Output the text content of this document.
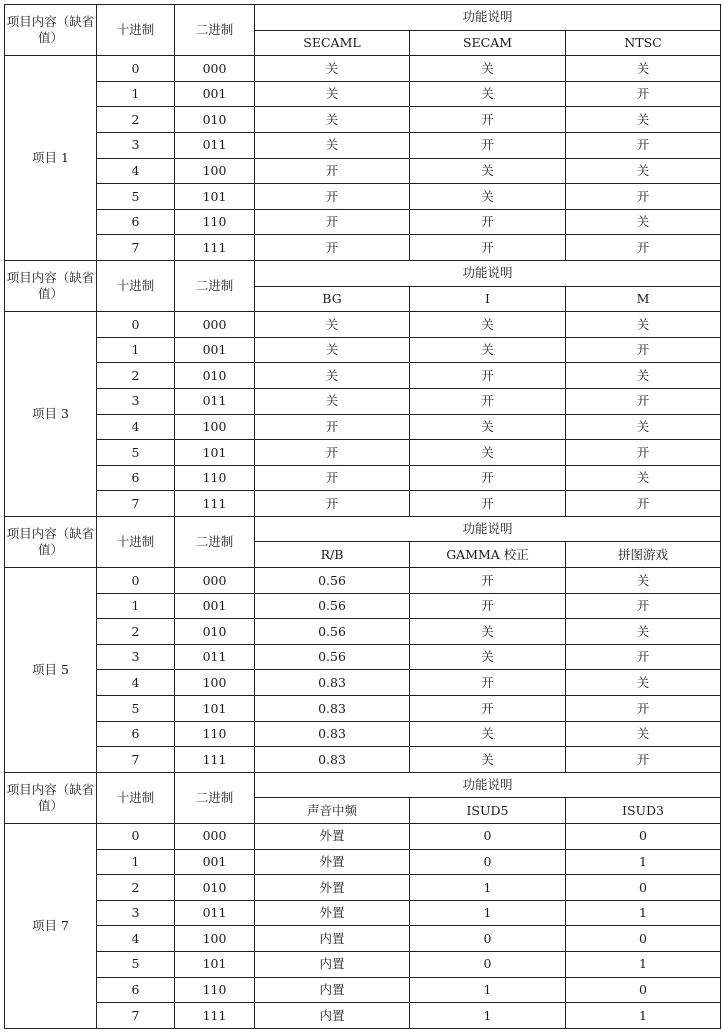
项目内容（缺省值）	十进制	二进制	功能说明		
			SECAML	SECAM	NTSC
项目 1	0	000	关	关	关
	1	001	关	关	开
	2	010	关	开	关
	3	011	关	开	开
	4	100	开	关	关
	5	101	开	关	开
	6	110	开	开	关
	7	111	开	开	开
项目内容（缺省值）	十进制	二进制	功能说明		
			BG	I	M
项目 3	0	000	关	关	关
	1	001	关	关	开
	2	010	关	开	关
	3	011	关	开	开
	4	100	开	关	关
	5	101	开	关	开
	6	110	开	开	关
	7	111	开	开	开
项目内容（缺省值）	十进制	二进制	功能说明		
			R/B	GAMMA 校正	拼图游戏
项目 5	0	000	0.56	开	关
	1	001	0.56	开	开
	2	010	0.56	关	关
	3	011	0.56	关	开
	4	100	0.83	开	关
	5	101	0.83	开	开
	6	110	0.83	关	关
	7	111	0.83	关	开
项目内容（缺省值）	十进制	二进制	功能说明		
			声音中频	ISUD5	ISUD3
项目 7	0	000	外置	0	0
	1	001	外置	0	1
	2	010	外置	1	0
	3	011	外置	1	1
	4	100	内置	0	0
	5	101	内置	0	1
	6	110	内置	1	0
	7	111	内置	1	1
